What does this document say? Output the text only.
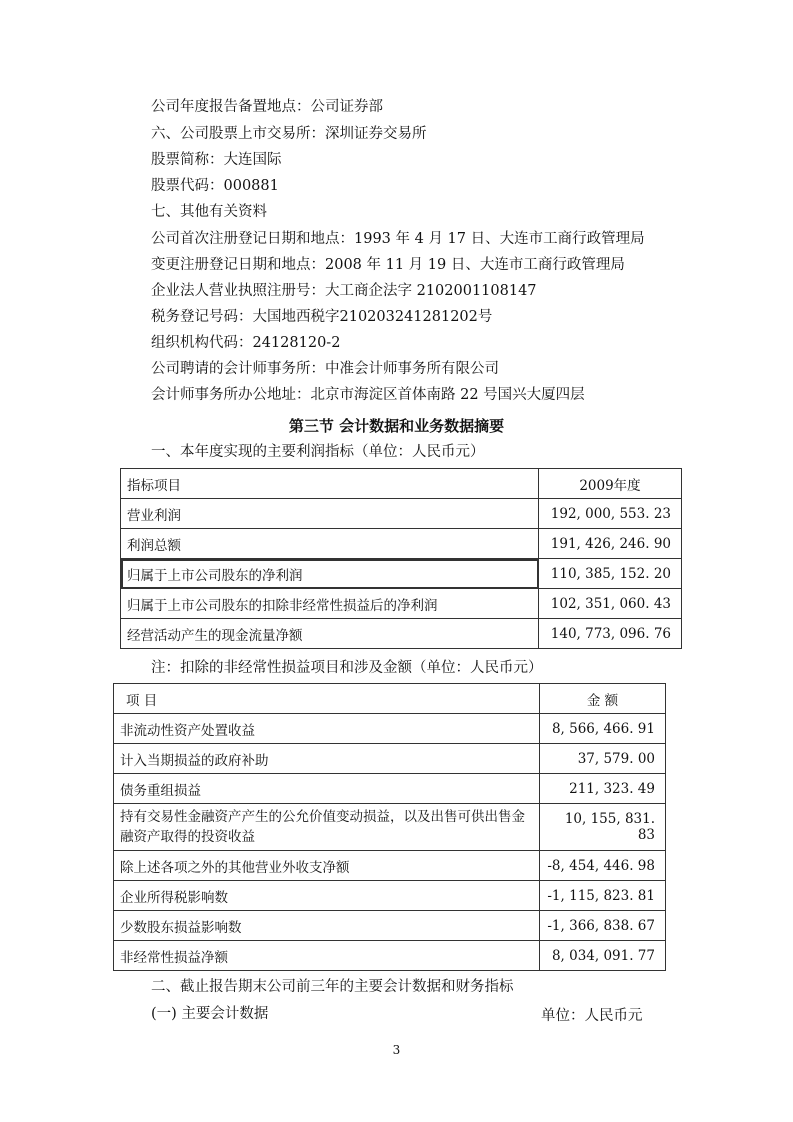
公司年度报告备置地点：公司证券部
六、公司股票上市交易所：深圳证券交易所
股票简称：大连国际
股票代码：000881
七、其他有关资料
公司首次注册登记日期和地点：1993 年 4 月 17 日、大连市工商行政管理局
变更注册登记日期和地点：2008 年 11 月 19 日、大连市工商行政管理局
企业法人营业执照注册号：大工商企法字 2102001108147
税务登记号码：大国地西税字210203241281202号
组织机构代码：24128120-2
公司聘请的会计师事务所：中准会计师事务所有限公司
会计师事务所办公地址：北京市海淀区首体南路 22 号国兴大厦四层
第三节 会计数据和业务数据摘要
一、本年度实现的主要利润指标（单位：人民币元）
指标项目	2009年度
营业利润	192, 000, 553. 23
利润总额	191, 426, 246. 90
归属于上市公司股东的净利润	110, 385, 152. 20
归属于上市公司股东的扣除非经常性损益后的净利润	102, 351, 060. 43
经营活动产生的现金流量净额	140, 773, 096. 76
注：扣除的非经常性损益项目和涉及金额（单位：人民币元）
项 目	金 额
非流动性资产处置收益	8, 566, 466. 91
计入当期损益的政府补助	37, 579. 00
债务重组损益	211, 323. 49
持有交易性金融资产产生的公允价值变动损益，以及出售可供出售金融资产取得的投资收益	10, 155, 831. 83
除上述各项之外的其他营业外收支净额	-8, 454, 446. 98
企业所得税影响数	-1, 115, 823. 81
少数股东损益影响数	-1, 366, 838. 67
非经常性损益净额	8, 034, 091. 77
二、截止报告期末公司前三年的主要会计数据和财务指标
(一) 主要会计数据	单位：人民币元
3
